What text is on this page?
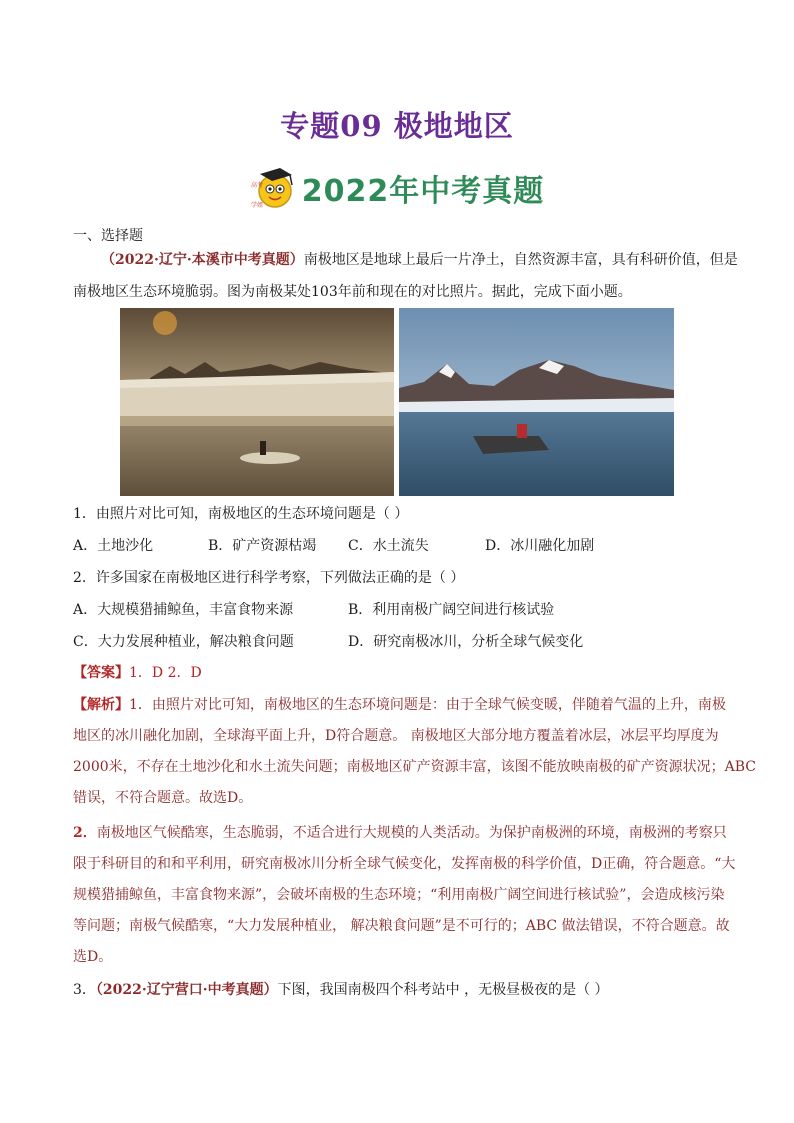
专题09 极地地区
高考
学姐 2022年中考真题
一、选择题
（2022·辽宁·本溪市中考真题）南极地区是地球上最后一片净土，自然资源丰富，具有科研价值，但是
南极地区生态环境脆弱。图为南极某处103年前和现在的对比照片。据此，完成下面小题。
1．由照片对比可知，南极地区的生态环境问题是（ ）
A．土地沙化	B．矿产资源枯竭 C．水土流失	D．冰川融化加剧
2．许多国家在南极地区进行科学考察，下列做法正确的是（ ）
A．大规模猎捕鲸鱼，丰富食物来源	B．利用南极广阔空间进行核试验
C．大力发展种植业，解决粮食问题	D．研究南极冰川，分析全球气候变化
【答案】1．D 2．D
【解析】1．由照片对比可知，南极地区的生态环境问题是：由于全球气候变暖，伴随着气温的上升，南极
地区的冰川融化加剧，全球海平面上升，D符合题意。 南极地区大部分地方覆盖着冰层，冰层平均厚度为
2000米，不存在土地沙化和水土流失问题；南极地区矿产资源丰富，该图不能放映南极的矿产资源状况；ABC
错误，不符合题意。故选D。
2．南极地区气候酷寒，生态脆弱，不适合进行大规模的人类活动。为保护南极洲的环境，南极洲的考察只
限于科研目的和和平利用，研究南极冰川分析全球气候变化，发挥南极的科学价值，D正确，符合题意。“大
规模猎捕鲸鱼，丰富食物来源”，会破坏南极的生态环境；“利用南极广阔空间进行核试验”，会造成核污染
等问题；南极气候酷寒，“大力发展种植业， 解决粮食问题”是不可行的；ABC 做法错误，不符合题意。故
选D。
3．（2022·辽宁营口·中考真题）下图，我国南极四个科考站中 ，无极昼极夜的是（ ）
